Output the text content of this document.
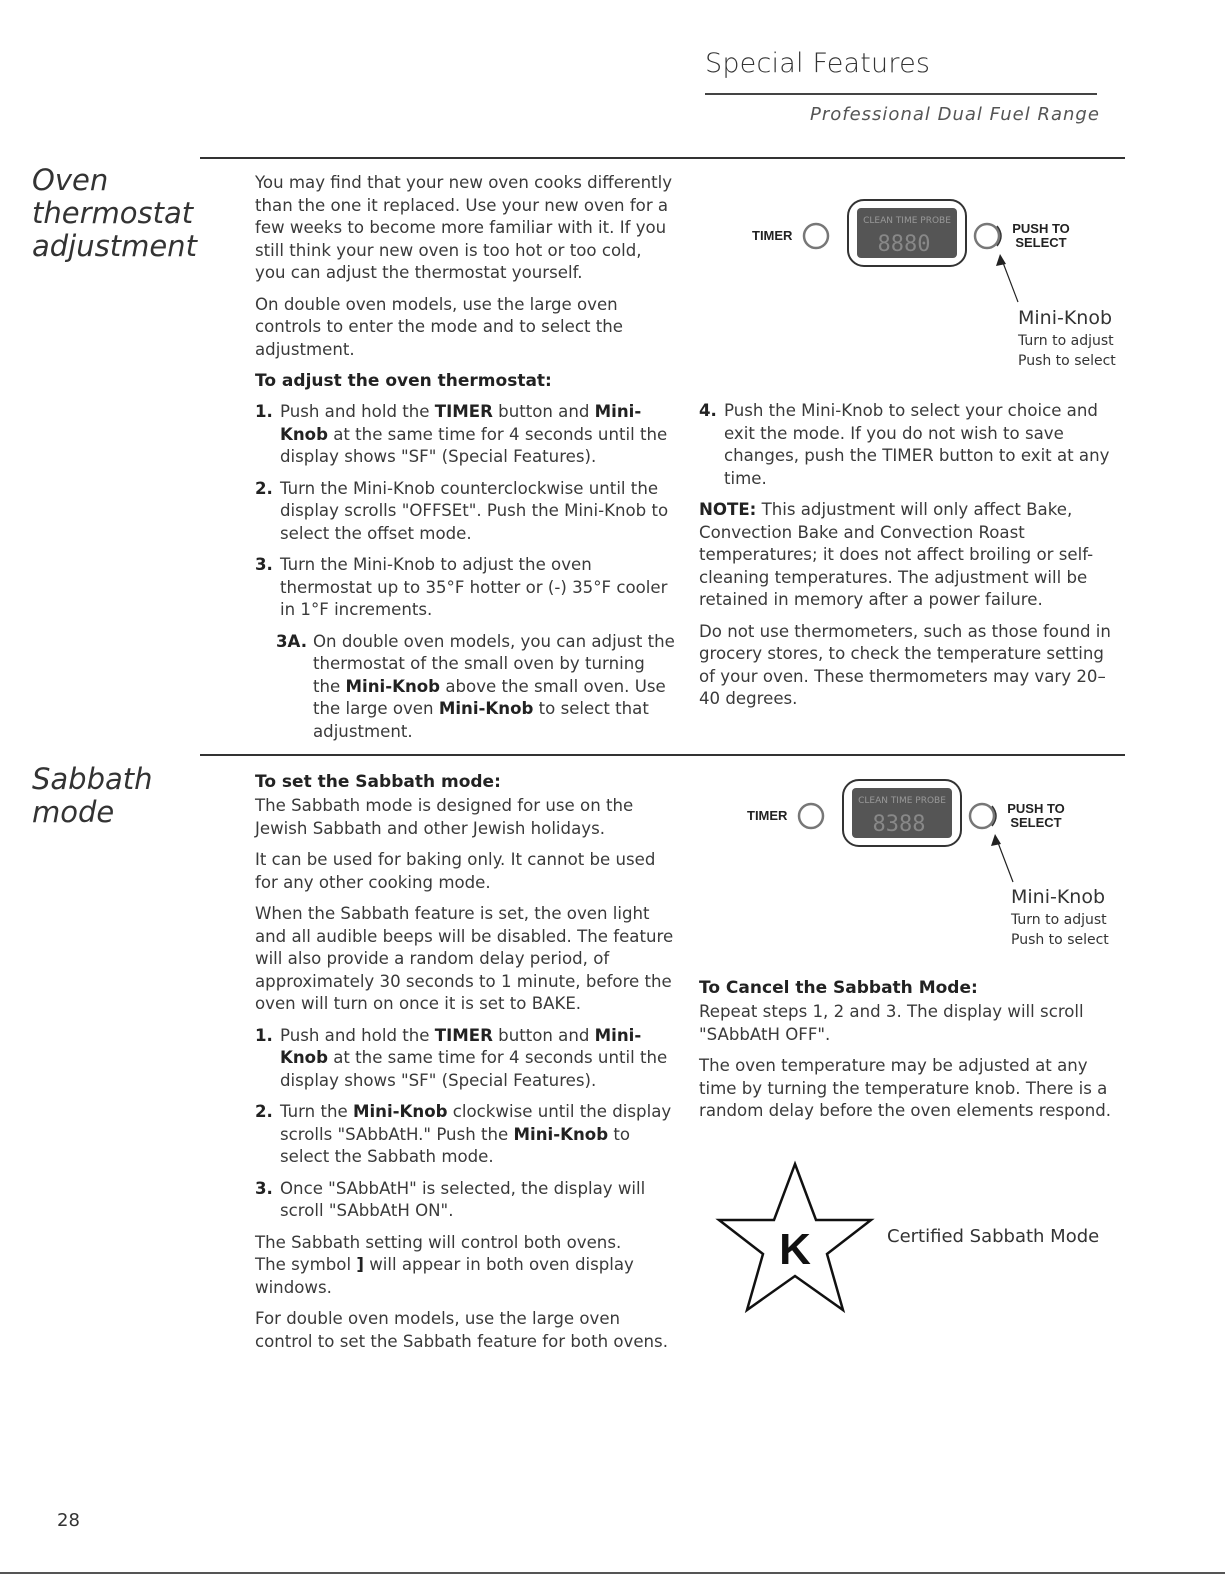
Special Features
Professional Dual Fuel Range
Oven thermostat adjustment

You may find that your new oven cooks differently than the one it replaced. Use your new oven for a few weeks to become more familiar with it. If you still think your new oven is too hot or too cold, you can adjust the thermostat yourself.

On double oven models, use the large oven controls to enter the mode and to select the adjustment.

To adjust the oven thermostat:
1. Push and hold the TIMER button and Mini-Knob at the same time for 4 seconds until the display shows "SF" (Special Features).
2. Turn the Mini-Knob counterclockwise until the display scrolls "OFFSEt". Push the Mini-Knob to select the offset mode.
3. Turn the Mini-Knob to adjust the oven thermostat up to 35°F hotter or (-) 35°F cooler in 1°F increments.
3A. On double oven models, you can adjust the thermostat of the small oven by turning the Mini-Knob above the small oven. Use the large oven Mini-Knob to select that adjustment.
TIMER
CLEAN TIME PROBE
8880
PUSH TO
SELECT
Mini-Knob
Turn to adjust
Push to select
4. Push the Mini-Knob to select your choice and exit the mode. If you do not wish to save changes, push the TIMER button to exit at any time.

NOTE: This adjustment will only affect Bake, Convection Bake and Convection Roast temperatures; it does not affect broiling or self-cleaning temperatures. The adjustment will be retained in memory after a power failure.

Do not use thermometers, such as those found in grocery stores, to check the temperature setting of your oven. These thermometers may vary 20–40 degrees.

Sabbath mode
To set the Sabbath mode:

The Sabbath mode is designed for use on the Jewish Sabbath and other Jewish holidays.

It can be used for baking only. It cannot be used for any other cooking mode.

When the Sabbath feature is set, the oven light and all audible beeps will be disabled. The feature will also provide a random delay period, of approximately 30 seconds to 1 minute, before the oven will turn on once it is set to BAKE.

1. Push and hold the TIMER button and Mini-Knob at the same time for 4 seconds until the display shows "SF" (Special Features).
2. Turn the Mini-Knob clockwise until the display scrolls "SAbbAtH." Push the Mini-Knob to select the Sabbath mode.
3. Once "SAbbAtH" is selected, the display will scroll "SAbbAtH ON".

The Sabbath setting will control both ovens.
The symbol ] will appear in both oven display windows.

For double oven models, use the large oven control to set the Sabbath feature for both ovens.

TIMER
CLEAN TIME PROBE
8388
PUSH TO
SELECT
Mini-Knob
Turn to adjust
Push to select
To Cancel the Sabbath Mode:

Repeat steps 1, 2 and 3. The display will scroll "SAbbAtH OFF".

The oven temperature may be adjusted at any time by turning the temperature knob. There is a random delay before the oven elements respond.

K	Certified Sabbath Mode
28
